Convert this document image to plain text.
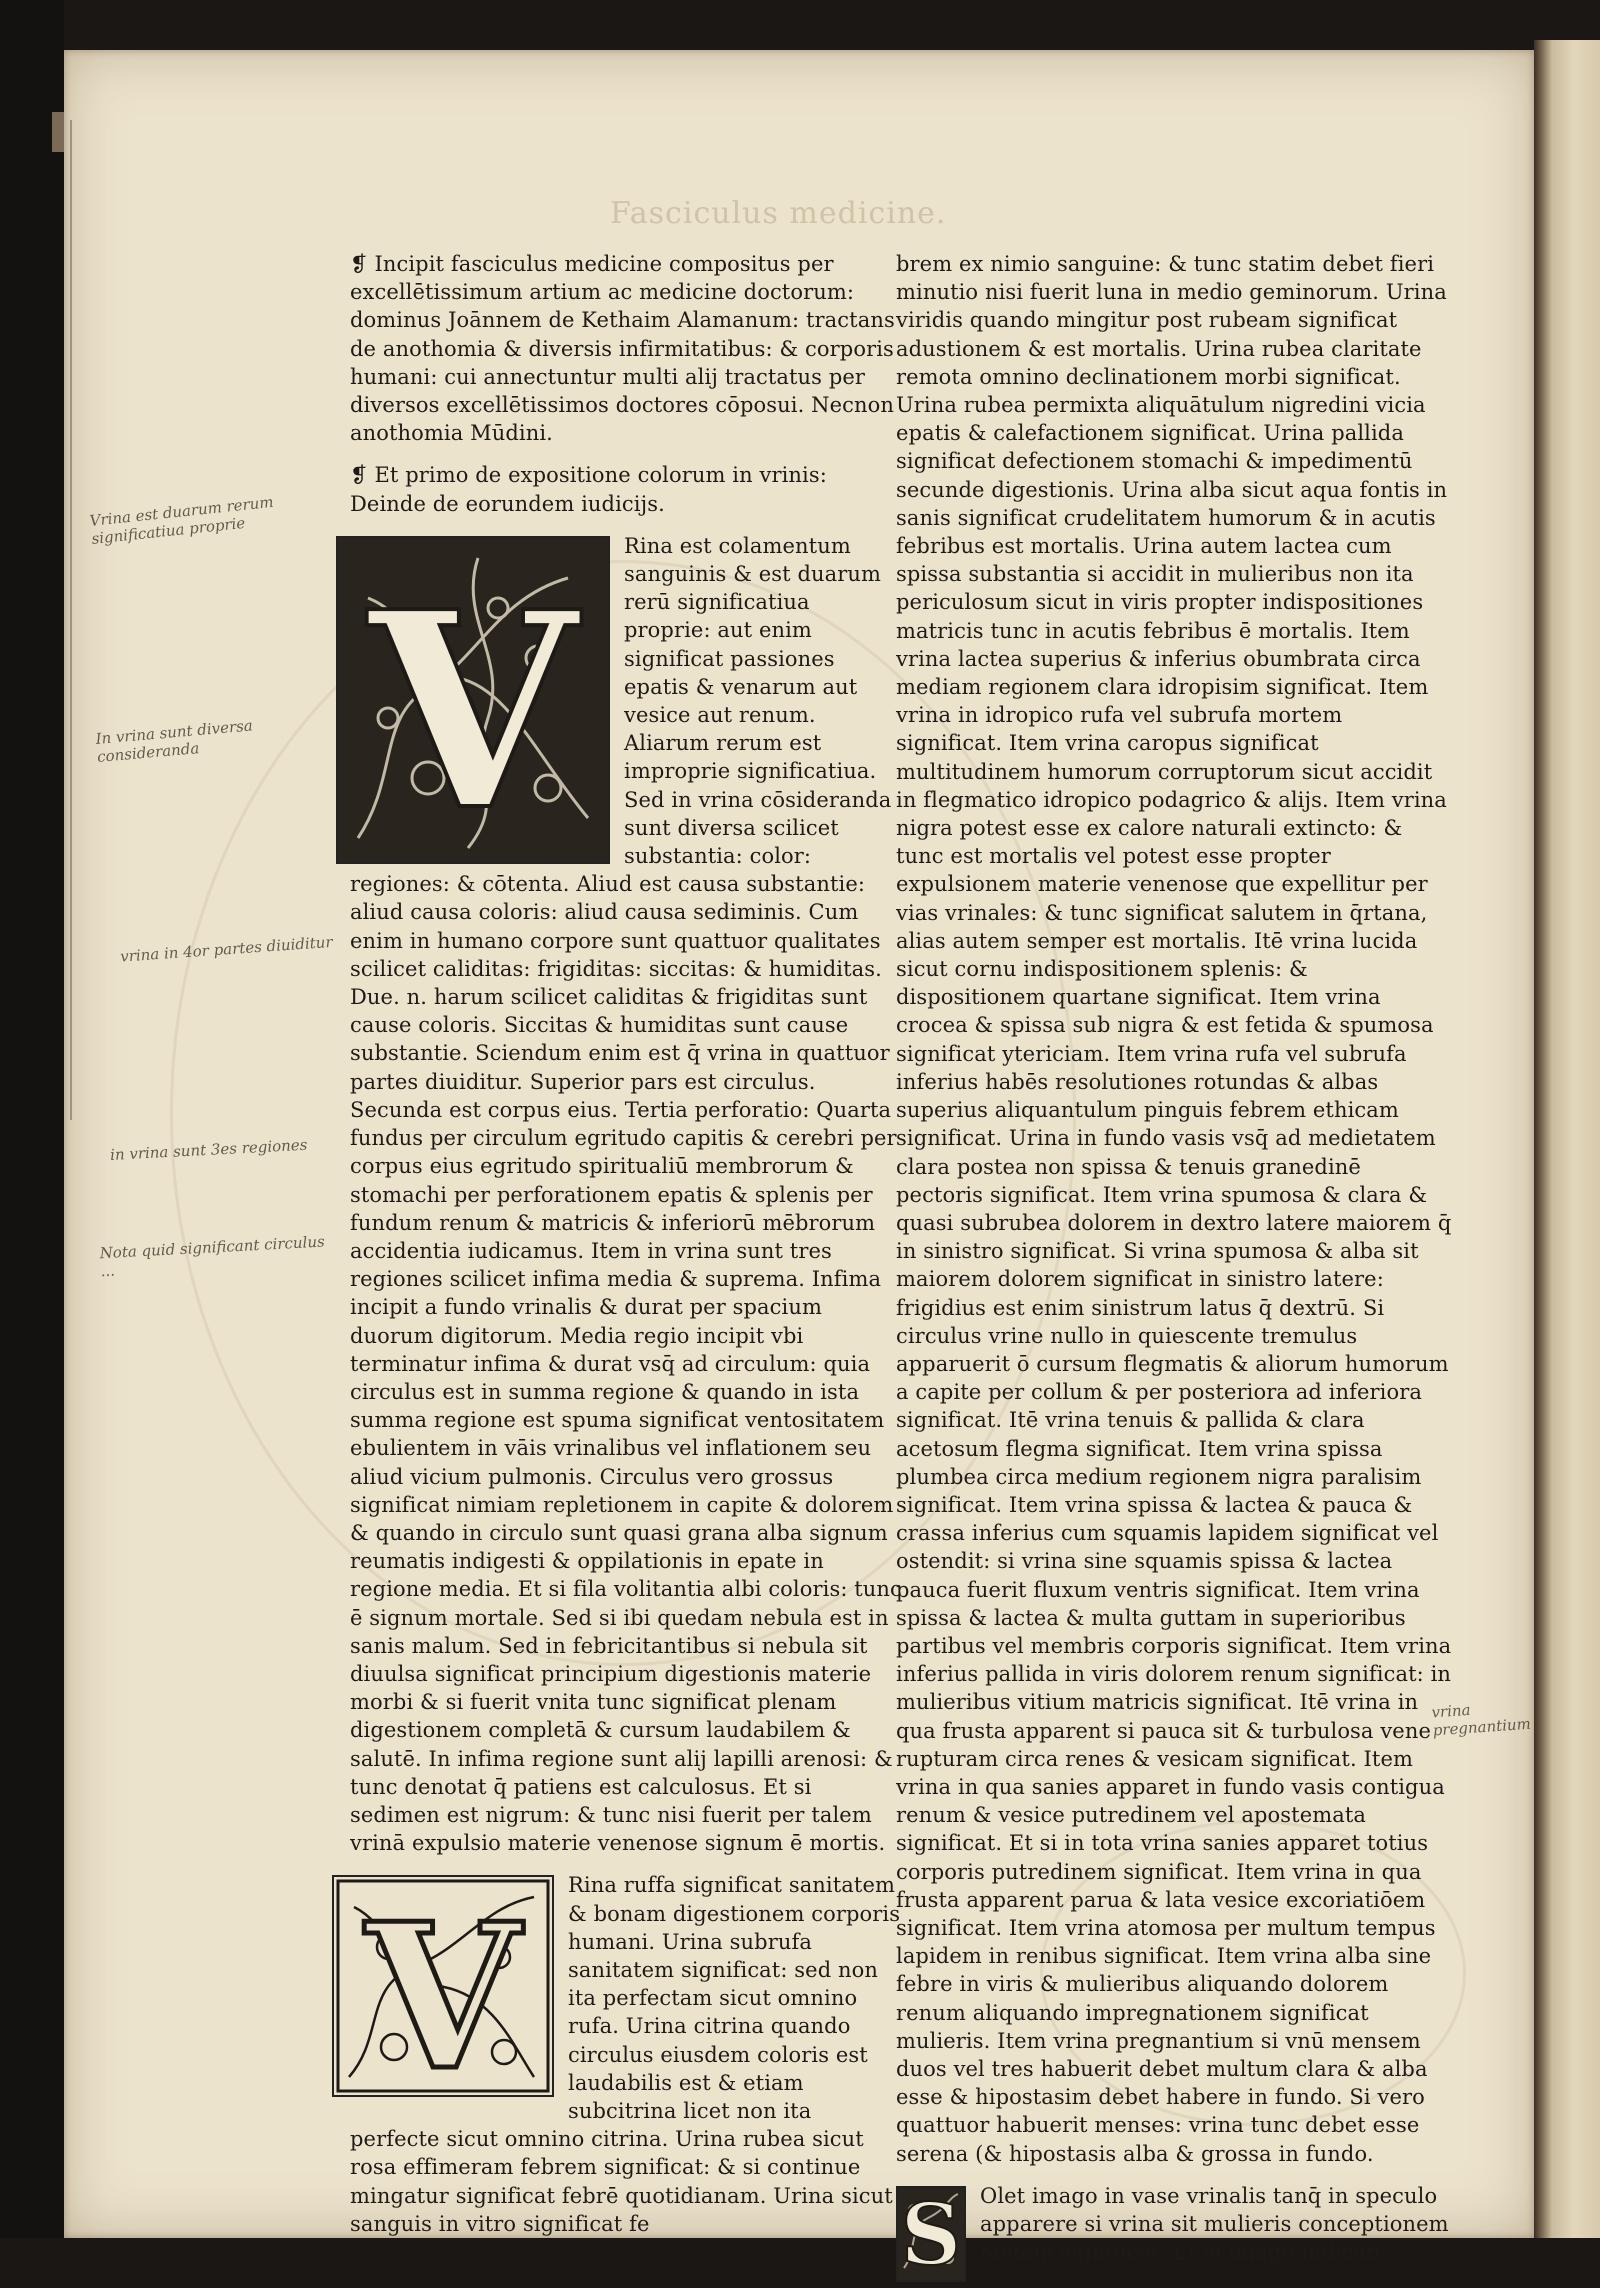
Fasciculus medicine.
Vrina est duarum rerum significatiua proprie
In vrina sunt diversa consideranda
vrina in 4or partes diuiditur
in vrina sunt 3es regiones
Nota quid significant circulus ...
vrina pregnantium

❡ Incipit fasciculus medicine compositus per excellētissimum artium ac medicine doctorum: dominus Joānnem de Kethaim Alamanum: tractans de anothomia & diversis infirmitatibus: & corporis humani: cui annectuntur multi alij tractatus per diversos excellētissimos doctores cōposui. Necnon anothomia Mūdini.

❡ Et primo de expositione colorum in vrinis: Deinde de eorundem iudicijs.

V

Rina est colamentum sanguinis & est duarum rerū significatiua proprie: aut enim significat passiones epatis & venarum aut vesice aut renum. Aliarum rerum est improprie significatiua. Sed in vrina cōsideranda sunt diversa scilicet substantia: color: regiones: & cōtenta. Aliud est causa substantie: aliud causa coloris: aliud causa sediminis. Cum enim in humano corpore sunt quattuor qualitates scilicet caliditas: frigiditas: siccitas: & humiditas. Due. n. harum scilicet caliditas & frigiditas sunt cause coloris. Siccitas & humiditas sunt cause substantie. Sciendum enim est q̄ vrina in quattuor partes diuiditur. Superior pars est circulus. Secunda est corpus eius. Tertia perforatio: Quarta fundus per circulum egritudo capitis & cerebri per corpus eius egritudo spiritualiū membrorum & stomachi per perforationem epatis & splenis per fundum renum & matricis & inferiorū mēbrorum accidentia iudicamus. Item in vrina sunt tres regiones scilicet infima media & suprema. Infima incipit a fundo vrinalis & durat per spacium duorum digitorum. Media regio incipit vbi terminatur infima & durat vsq̄ ad circulum: quia circulus est in summa regione & quando in ista summa regione est spuma significat ventositatem ebulientem in vāis vrinalibus vel inflationem seu aliud vicium pulmonis. Circulus vero grossus significat nimiam repletionem in capite & dolorem & quando in circulo sunt quasi grana alba signum reumatis indigesti & oppilationis in epate in regione media. Et si fila volitantia albi coloris: tunc ē signum mortale. Sed si ibi quedam nebula est in sanis malum. Sed in febricitantibus si nebula sit diuulsa significat principium digestionis materie morbi & si fuerit vnita tunc significat plenam digestionem completā & cursum laudabilem & salutē. In infima regione sunt alij lapilli arenosi: & tunc denotat q̄ patiens est calculosus. Et si sedimen est nigrum: & tunc nisi fuerit per talem vrinā expulsio materie venenose signum ē mortis.

V	Rina ruffa significat sanitatem & bonam digestionem corporis humani. Urina subrufa sanitatem significat: sed non ita perfectam sicut omnino rufa. Urina citrina quando circulus eiusdem coloris est laudabilis est & etiam subcitrina licet non ita perfecte sicut omnino citrina. Urina rubea sicut rosa effimeram febrem significat: & si continue mingatur significat febrē quotidianam. Urina sicut sanguis in vitro significat fe

brem ex nimio sanguine: & tunc statim debet fieri minutio nisi fuerit luna in medio geminorum. Urina viridis quando mingitur post rubeam significat adustionem & est mortalis. Urina rubea claritate remota omnino declinationem morbi significat. Urina rubea permixta aliquātulum nigredini vicia epatis & calefactionem significat. Urina pallida significat defectionem stomachi & impedimentū secunde digestionis. Urina alba sicut aqua fontis in sanis significat crudelitatem humorum & in acutis febribus est mortalis. Urina autem lactea cum spissa substantia si accidit in mulieribus non ita periculosum sicut in viris propter indispositiones matricis tunc in acutis febribus ē mortalis. Item vrina lactea superius & inferius obumbrata circa mediam regionem clara idropisim significat. Item vrina in idropico rufa vel subrufa mortem significat. Item vrina caropus significat multitudinem humorum corruptorum sicut accidit in flegmatico idropico podagrico & alijs. Item vrina nigra potest esse ex calore naturali extincto: & tunc est mortalis vel potest esse propter expulsionem materie venenose que expellitur per vias vrinales: & tunc significat salutem in q̄rtana, alias autem semper est mortalis. Itē vrina lucida sicut cornu indispositionem splenis: & dispositionem quartane significat. Item vrina crocea & spissa sub nigra & est fetida & spumosa significat ytericiam. Item vrina rufa vel subrufa inferius habēs resolutiones rotundas & albas superius aliquantulum pinguis febrem ethicam significat. Urina in fundo vasis vsq̄ ad medietatem clara postea non spissa & tenuis granedinē pectoris significat. Item vrina spumosa & clara & quasi subrubea dolorem in dextro latere maiorem q̄ in sinistro significat. Si vrina spumosa & alba sit maiorem dolorem significat in sinistro latere: frigidius est enim sinistrum latus q̄ dextrū. Si circulus vrine nullo in quiescente tremulus apparuerit ō cursum flegmatis & aliorum humorum a capite per collum & per posteriora ad inferiora significat. Itē vrina tenuis & pallida & clara acetosum flegma significat. Item vrina spissa plumbea circa medium regionem nigra paralisim significat. Item vrina spissa & lactea & pauca & crassa inferius cum squamis lapidem significat vel ostendit: si vrina sine squamis spissa & lactea pauca fuerit fluxum ventris significat. Item vrina spissa & lactea & multa guttam in superioribus partibus vel membris corporis significat. Item vrina inferius pallida in viris dolorem renum significat: in mulieribus vitium matricis significat. Itē vrina in qua frusta apparent si pauca sit & turbulosa vene rupturam circa renes & vesicam significat. Item vrina in qua sanies apparet in fundo vasis contigua renum & vesice putredinem vel apostemata significat. Et si in tota vrina sanies apparet totius corporis putredinem significat. Item vrina in qua frusta apparent parua & lata vesice excoriatiōem significat. Item vrina atomosa per multum tempus lapidem in renibus significat. Item vrina alba sine febre in viris & mulieribus aliquando dolorem renum aliquando impregnationem significat mulieris. Item vrina pregnantium si vnū mensem duos vel tres habuerit debet multum clara & alba esse & hipostasim debet habere in fundo. Si vero quattuor habuerit menses: vrina tunc debet esse serena (& hipostasis alba & grossa in fundo.

S Olet imago in vase vrinalis tanq̄ in speculo apparere si vrina sit mulieris conceptionem factam significat. Et si imago indicanᵕ
